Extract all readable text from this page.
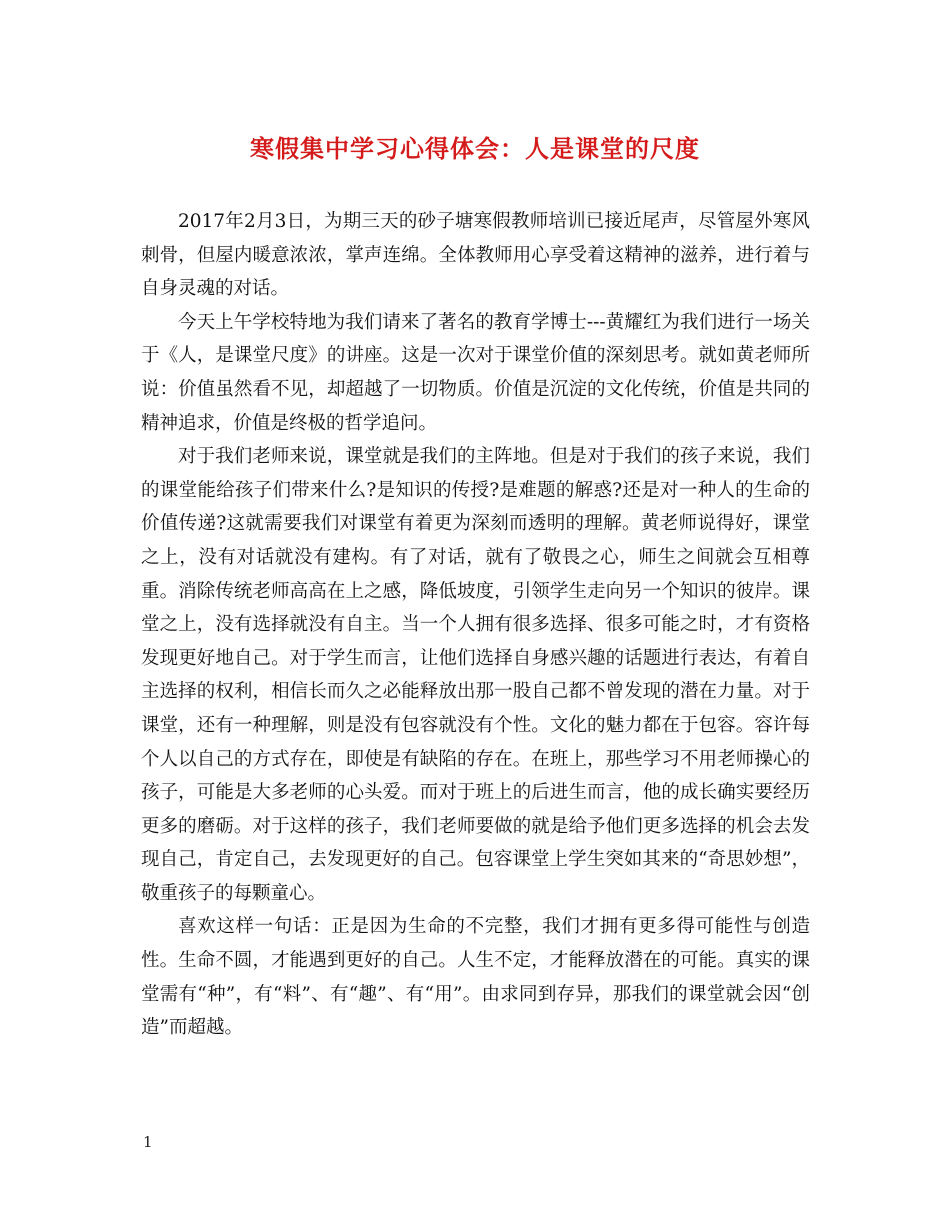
寒假集中学习心得体会：人是课堂的尺度

2017年2月3日，为期三天的砂子塘寒假教师培训已接近尾声，尽管屋外寒风刺骨，但屋内暖意浓浓，掌声连绵。全体教师用心享受着这精神的滋养，进行着与自身灵魂的对话。

今天上午学校特地为我们请来了著名的教育学博士---黄耀红为我们进行一场关于《人，是课堂尺度》的讲座。这是一次对于课堂价值的深刻思考。就如黄老师所说：价值虽然看不见，却超越了一切物质。价值是沉淀的文化传统，价值是共同的精神追求，价值是终极的哲学追问。

对于我们老师来说，课堂就是我们的主阵地。但是对于我们的孩子来说，我们的课堂能给孩子们带来什么?是知识的传授?是难题的解惑?还是对一种人的生命的价值传递?这就需要我们对课堂有着更为深刻而透明的理解。黄老师说得好，课堂之上，没有对话就没有建构。有了对话，就有了敬畏之心，师生之间就会互相尊重。消除传统老师高高在上之感，降低坡度，引领学生走向另一个知识的彼岸。课堂之上，没有选择就没有自主。当一个人拥有很多选择、很多可能之时，才有资格发现更好地自己。对于学生而言，让他们选择自身感兴趣的话题进行表达，有着自主选择的权利，相信长而久之必能释放出那一股自己都不曾发现的潜在力量。对于课堂，还有一种理解，则是没有包容就没有个性。文化的魅力都在于包容。容许每个人以自己的方式存在，即使是有缺陷的存在。在班上，那些学习不用老师操心的孩子，可能是大多老师的心头爱。而对于班上的后进生而言，他的成长确实要经历更多的磨砺。对于这样的孩子，我们老师要做的就是给予他们更多选择的机会去发现自己，肯定自己，去发现更好的自己。包容课堂上学生突如其来的“奇思妙想”，敬重孩子的每颗童心。

喜欢这样一句话：正是因为生命的不完整，我们才拥有更多得可能性与创造性。生命不圆，才能遇到更好的自己。人生不定，才能释放潜在的可能。真实的课堂需有“种”，有“料”、有“趣”、有“用”。由求同到存异，那我们的课堂就会因“创造”而超越。

1
